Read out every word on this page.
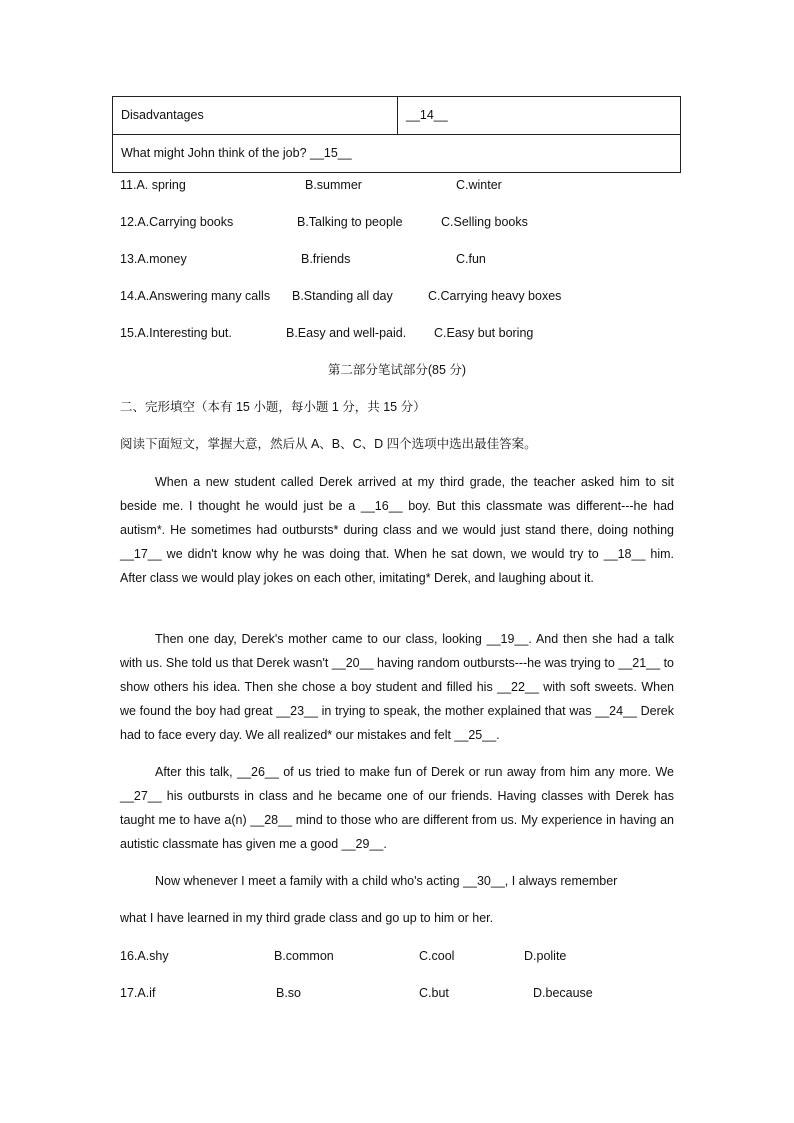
Disadvantages	__14__
What might John think of the job? __15__
11.A. spring	B.summer	C.winter
12.A.Carrying books	B.Talking to people	C.Selling books
13.A.money	B.friends	C.fun
14.A.Answering many calls B.Standing all day	C.Carrying heavy boxes
15.A.Interesting but.	B.Easy and well-paid. C.Easy but boring
第二部分笔试部分(85 分)
二、完形填空（本有 15 小题，每小题 1 分，共 15 分）
阅读下面短文，掌握大意，然后从 A、B、C、D 四个选项中选出最佳答案。

When a new student called Derek arrived at my third grade, the teacher asked him to sit beside me. I thought he would just be a __16__ boy. But this classmate was different---he had autism*. He sometimes had outbursts* during class and we would just stand there, doing nothing __17__ we didn't know why he was doing that. When he sat down, we would try to __18__ him. After class we would play jokes on each other, imitating* Derek, and laughing about it.

Then one day, Derek's mother came to our class, looking __19__. And then she had a talk with us. She told us that Derek wasn't __20__ having random outbursts---he was trying to __21__ to show others his idea. Then she chose a boy student and filled his __22__ with soft sweets. When we found the boy had great __23__ in trying to speak, the mother explained that was __24__ Derek had to face every day. We all realized* our mistakes and felt __25__.

After this talk, __26__ of us tried to make fun of Derek or run away from him any more. We __27__ his outbursts in class and he became one of our friends. Having classes with Derek has taught me to have a(n) __28__ mind to those who are different from us. My experience in having an autistic classmate has given me a good __29__.

Now whenever I meet a family with a child who's acting __30__, I always remember

what I have learned in my third grade class and go up to him or her.

16.A.shy	B.common	C.cool	D.polite
17.A.if	B.so	C.but	D.because
